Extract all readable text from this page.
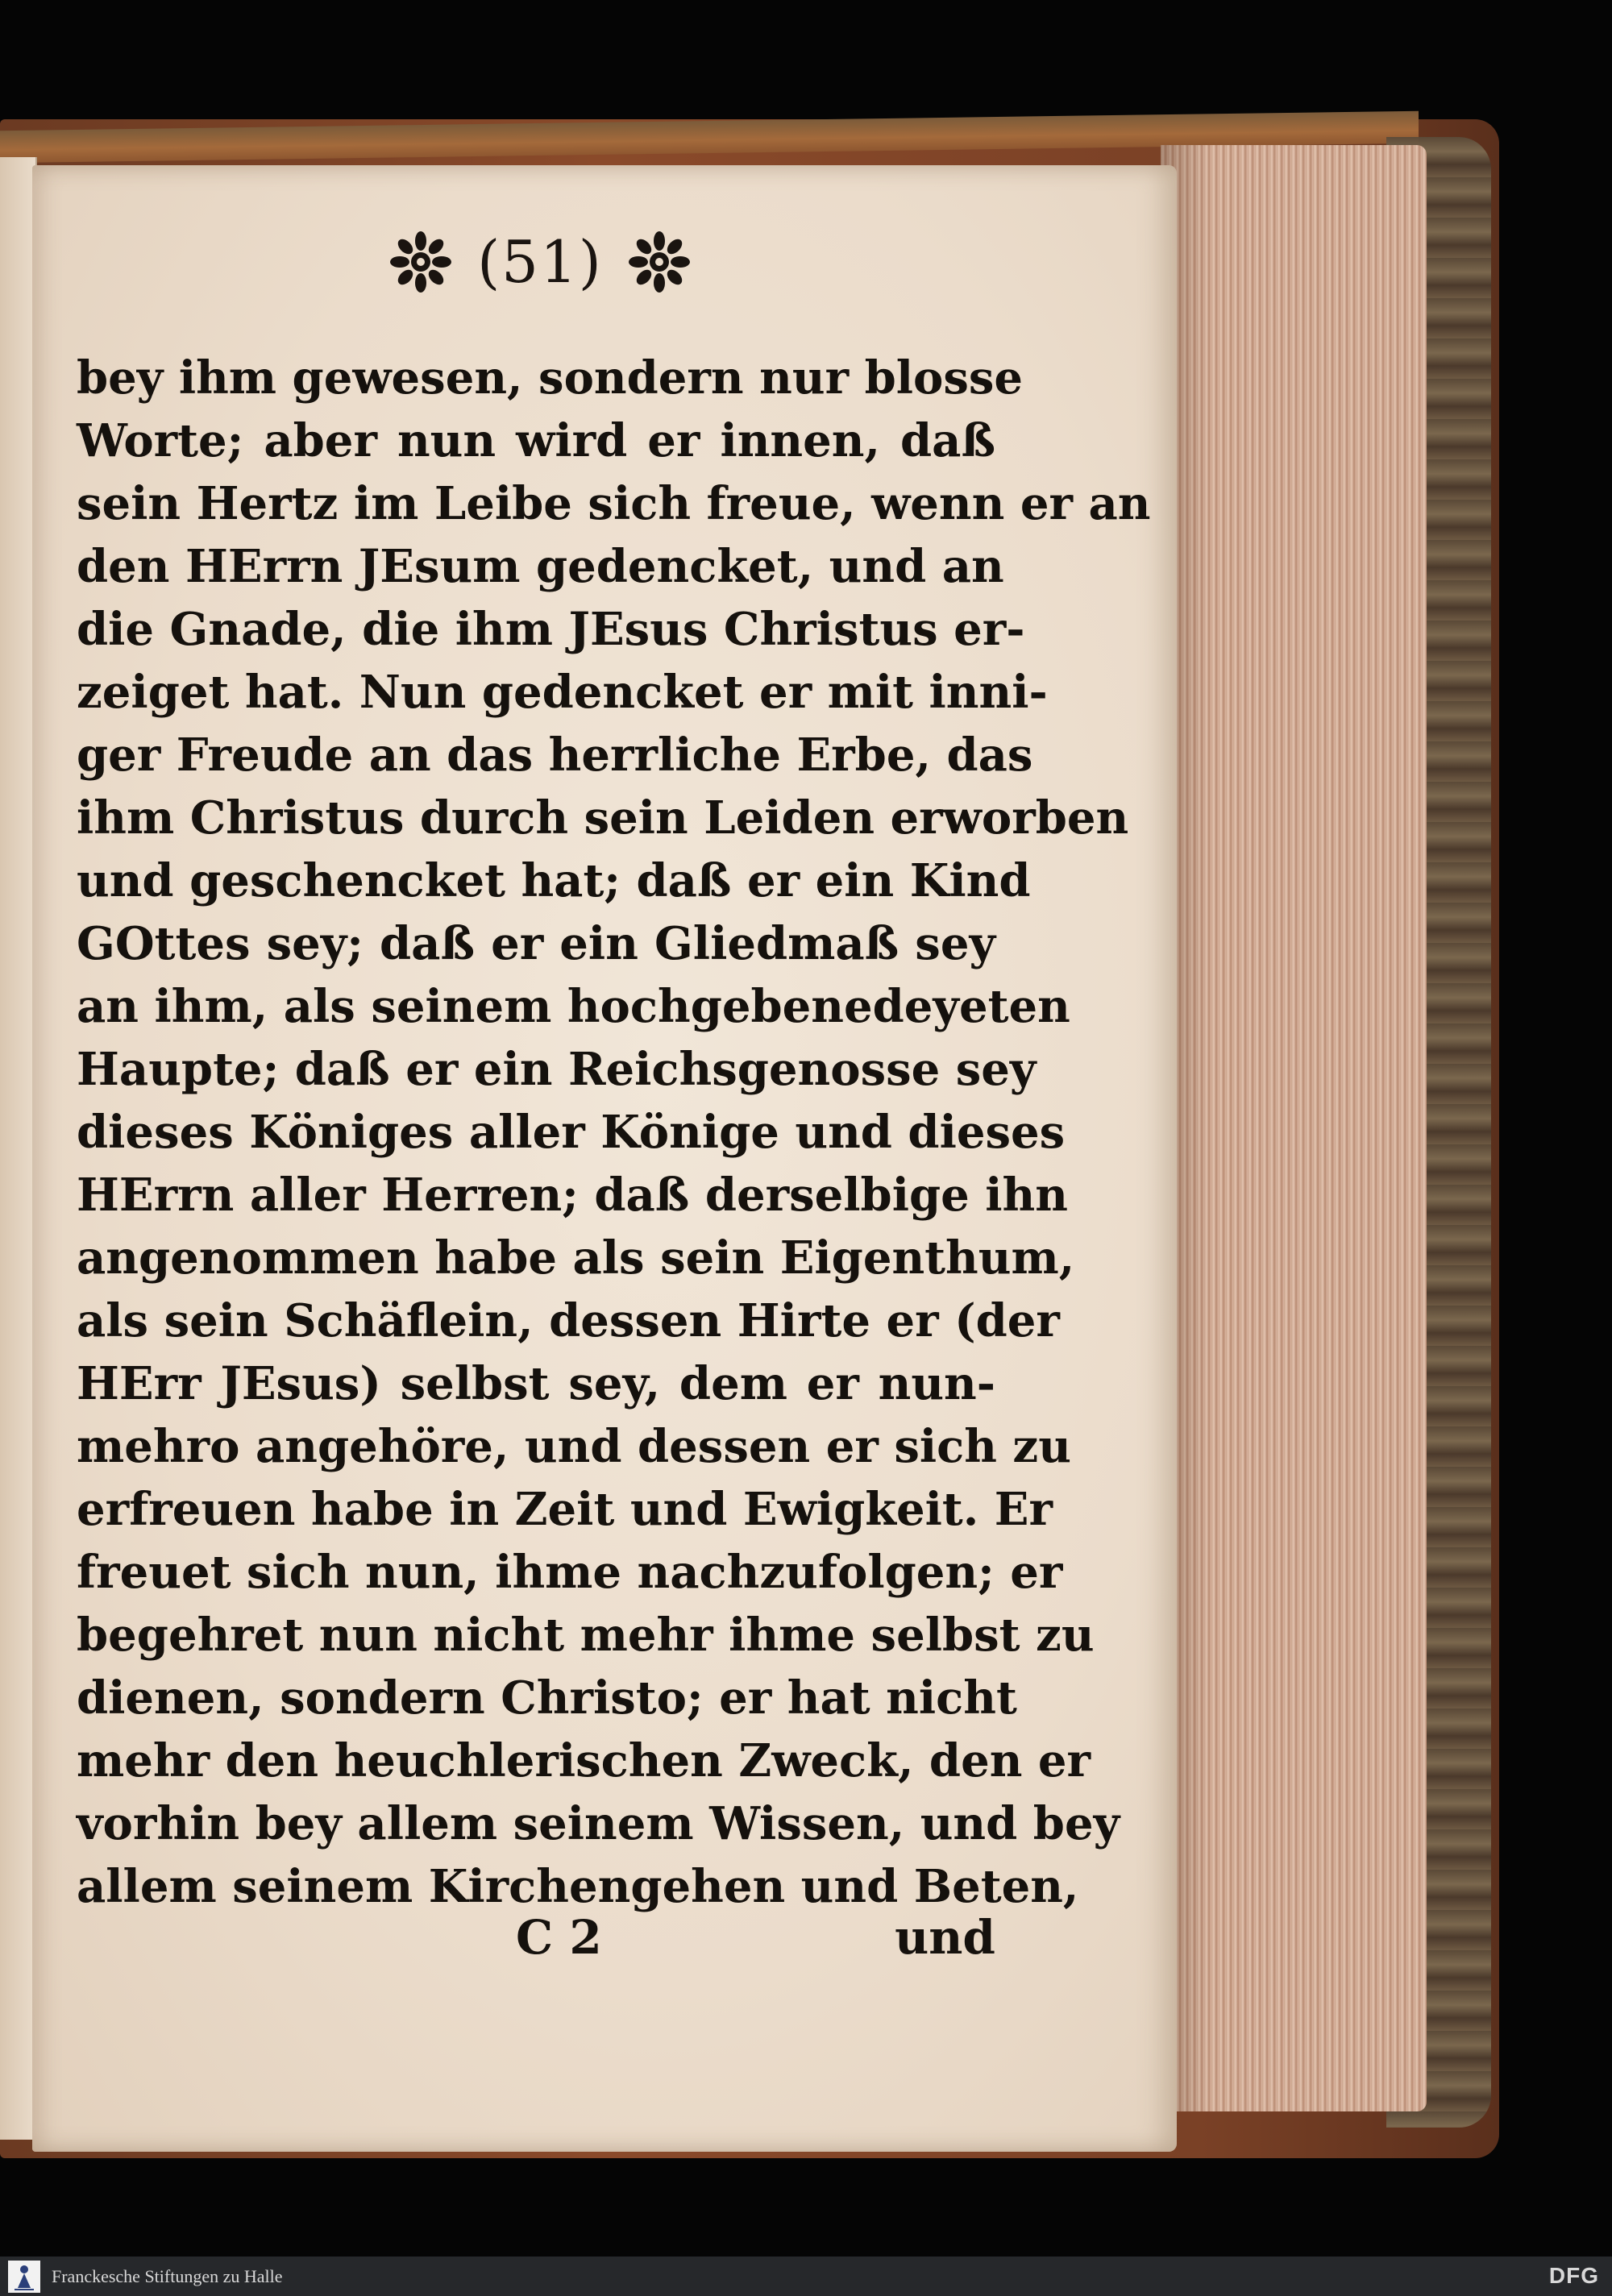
(51)
bey ihm gewesen, sondern nur blosse
Worte; aber nun wird er innen, daß
sein Hertz im Leibe sich freue, wenn er an
den HErrn JEsum gedencket, und an
die Gnade, die ihm JEsus Christus er-
zeiget hat. Nun gedencket er mit inni-
ger Freude an das herrliche Erbe, das
ihm Christus durch sein Leiden erworben
und geschencket hat; daß er ein Kind
GOttes sey; daß er ein Gliedmaß sey
an ihm, als seinem hochgebenedeyeten
Haupte; daß er ein Reichsgenosse sey
dieses Königes aller Könige und dieses
HErrn aller Herren; daß derselbige ihn
angenommen habe als sein Eigenthum,
als sein Schäflein, dessen Hirte er (der
HErr JEsus) selbst sey, dem er nun-
mehro angehöre, und dessen er sich zu
erfreuen habe in Zeit und Ewigkeit. Er
freuet sich nun, ihme nachzufolgen; er
begehret nun nicht mehr ihme selbst zu
dienen, sondern Christo; er hat nicht
mehr den heuchlerischen Zweck, den er
vorhin bey allem seinem Wissen, und bey
allem seinem Kirchengehen und Beten,
C 2	und
Franckesche Stiftungen zu Halle	DFG
